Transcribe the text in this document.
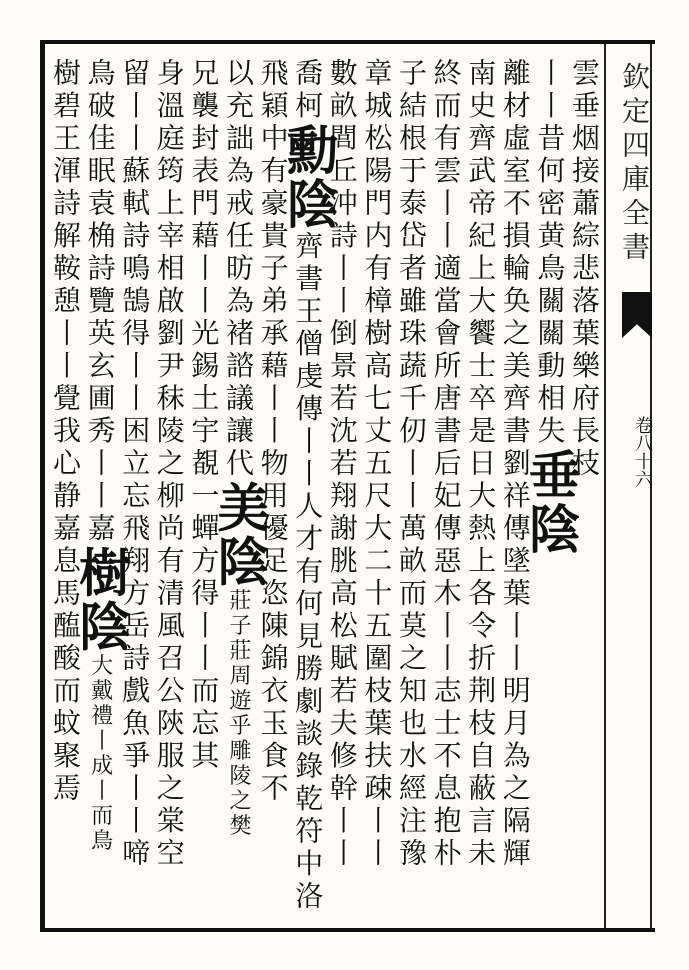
欽定四庫全書
卷八十六
雲垂烟接蕭綜悲落葉樂府長枝
丨丨昔何密黄鳥關關動相失垂陰
離材虛室不損輪奂之美齊書劉祥傳墜葉丨丨明月為之隔輝
南史齊武帝紀上大饗士卒是日大熱上各令折荆枝自蔽言未
終而有雲丨丨適當會所唐書后妃傳惡木丨丨志士不息抱朴
子結根于泰岱者雖珠蔬千仞丨丨萬畝而莫之知也水經注豫
章城松陽門内有樟樹高七丈五尺大二十五圍枝葉扶疎丨丨
數畝閭丘沖詩丨丨倒景若沈若翔謝朓高松賦若夫修幹丨丨
喬柯勳陰齊書王僧虔傳丨丨人才有何見勝劇談錄乾符中洛
飛穎中有豪貴子弟承藉丨丨物用優足恣陳錦衣玉食不
以充詘為戒任昉為褚諮議讓代美陰莊子莊周遊乎雕陵之樊
兄襲封表門藉丨丨光錫土宇覩一蟬方得丨丨而忘其
身溫庭筠上宰相啟劉尹秣陵之柳尚有清風召公陝服之棠空
留丨丨蘇軾詩鳴鵠得丨丨困立忘飛翔方岳詩戲魚爭丨丨啼
鳥破佳眠袁桷詩覽英玄圃秀丨丨嘉樹陰大戴禮丨成丨而鳥
樹碧王渾詩解鞍憩丨丨覺我心静嘉息馬醢酸而蚊聚焉
